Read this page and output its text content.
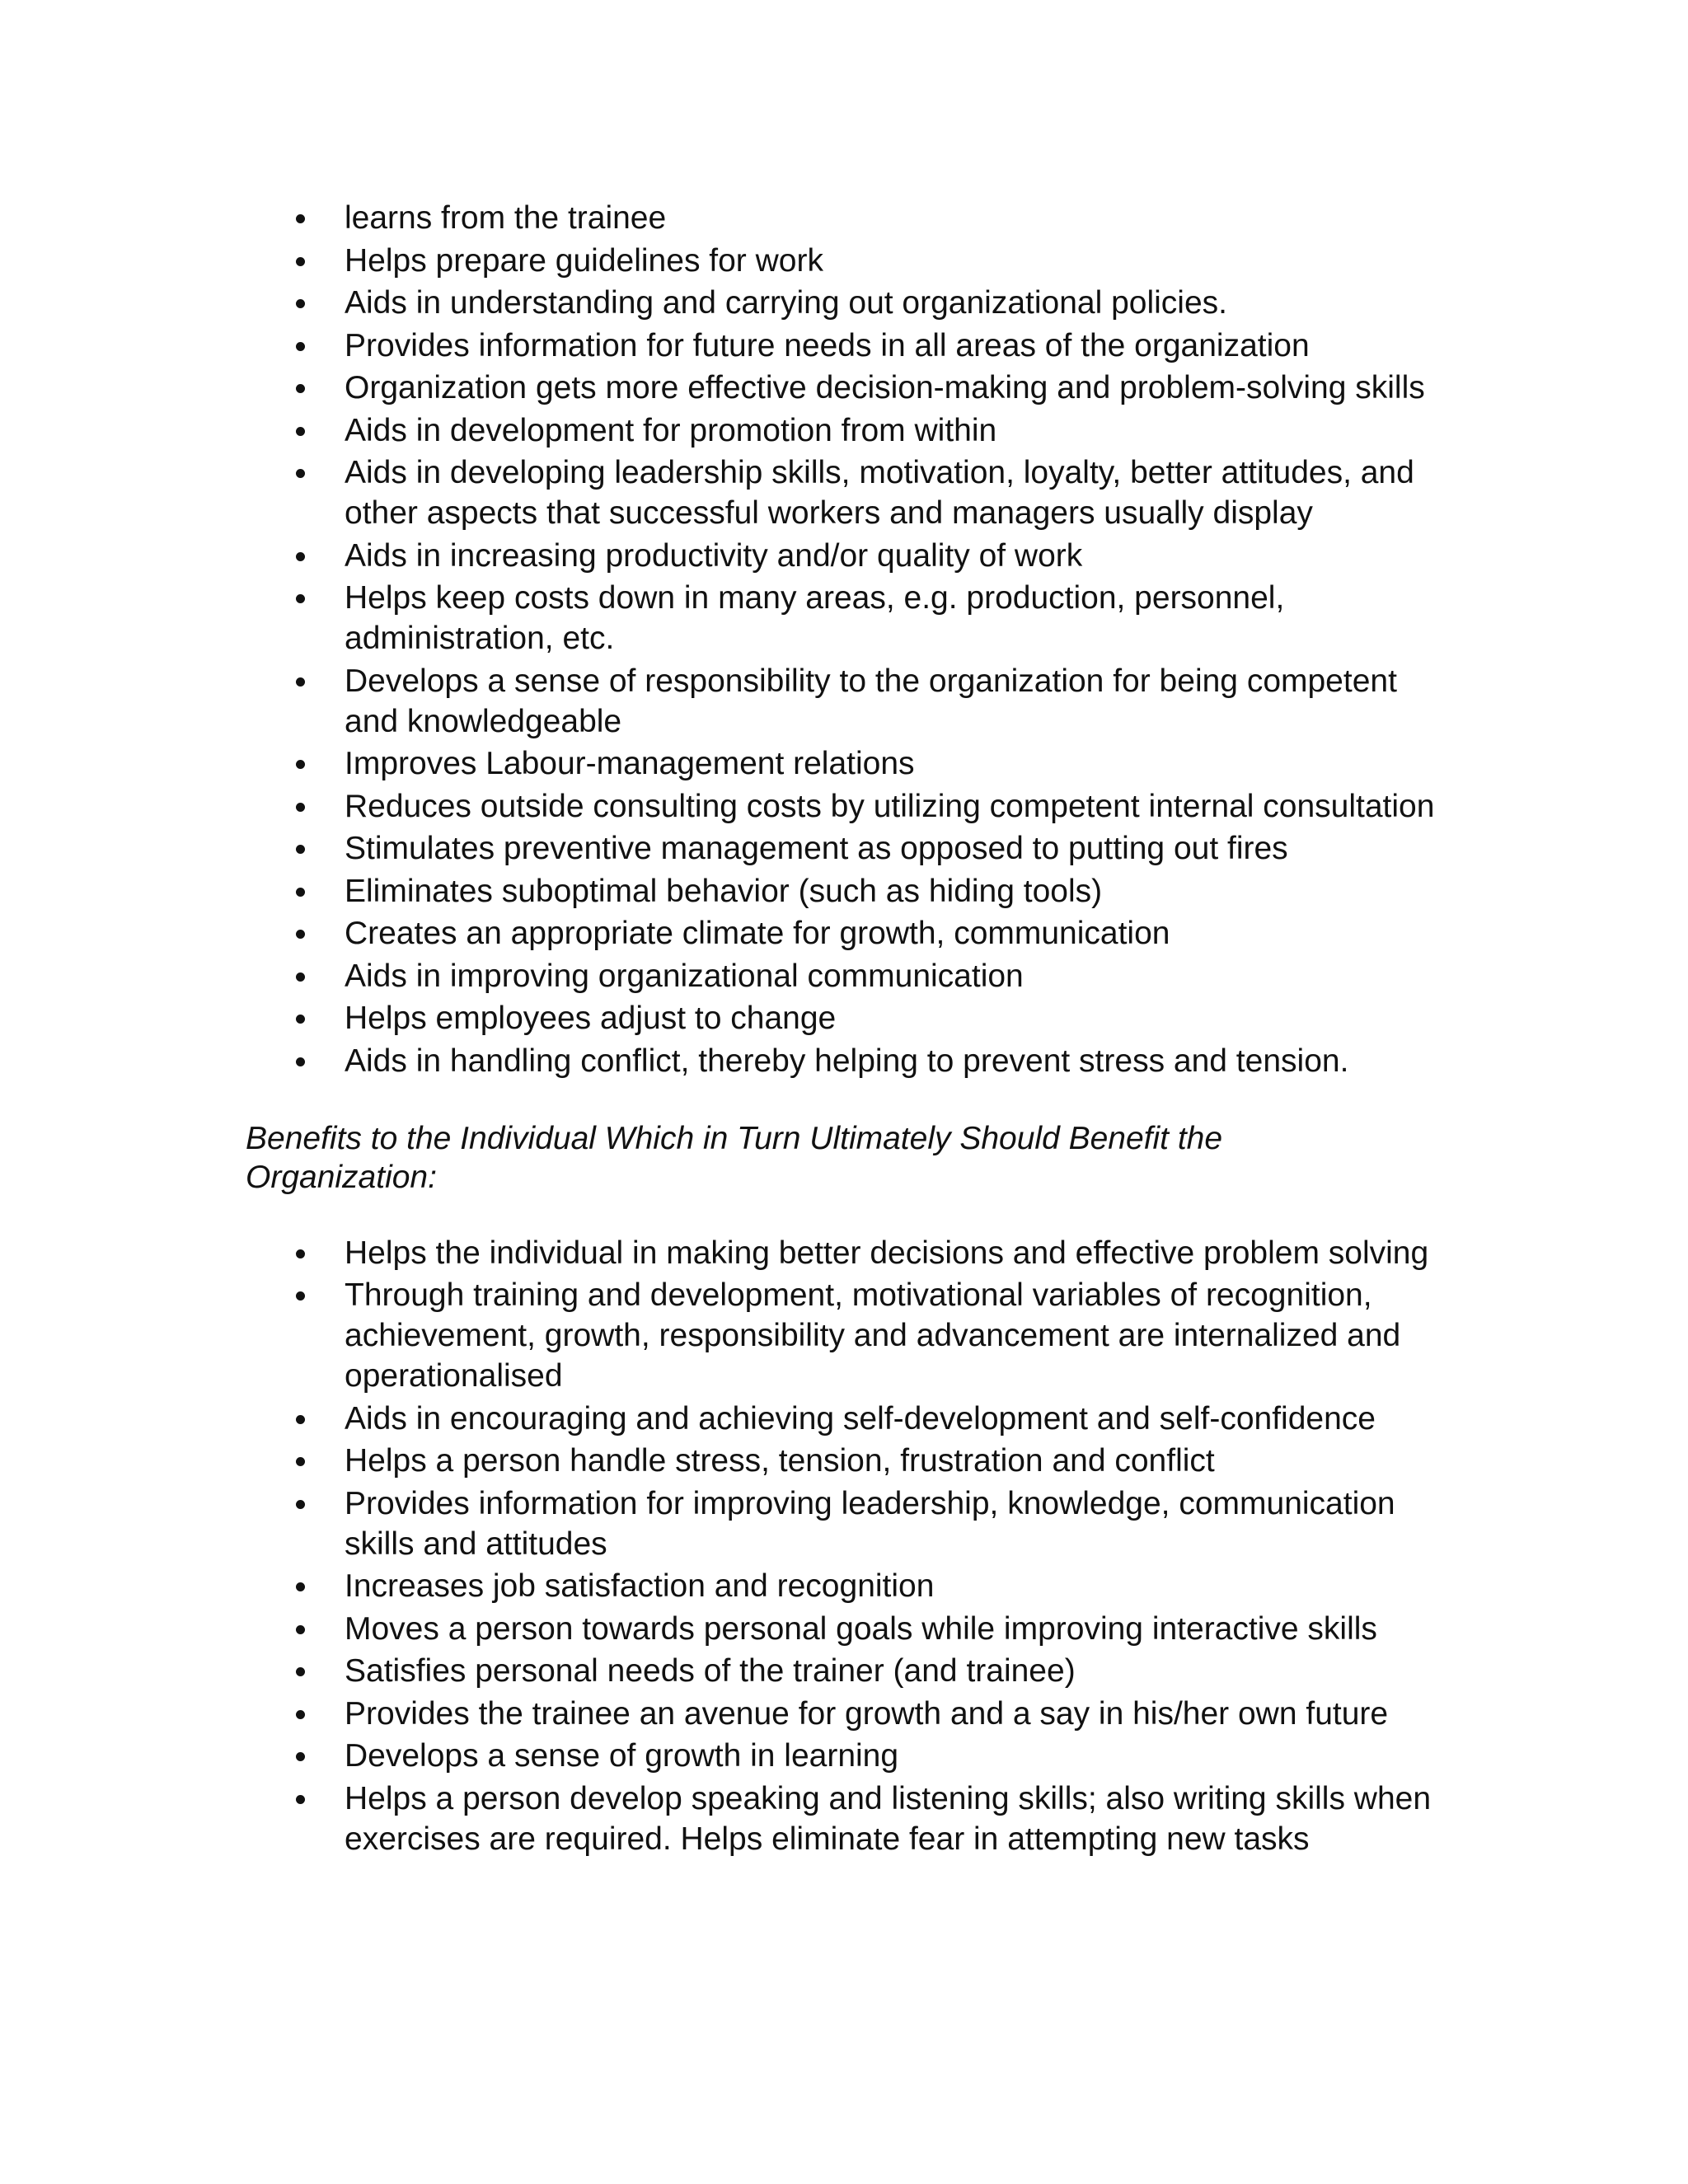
learns from the trainee
Helps prepare guidelines for work
Aids in understanding and carrying out organizational policies.
Provides information for future needs in all areas of the organization
Organization gets more effective decision-making and problem-solving skills
Aids in development for promotion from within
Aids in developing leadership skills, motivation, loyalty, better attitudes, and other aspects that successful workers and managers usually display
Aids in increasing productivity and/or quality of work
Helps keep costs down in many areas, e.g. production, personnel, administration, etc.
Develops a sense of responsibility to the organization for being competent and knowledgeable
Improves Labour-management relations
Reduces outside consulting costs by utilizing competent internal consultation
Stimulates preventive management as opposed to putting out fires
Eliminates suboptimal behavior (such as hiding tools)
Creates an appropriate climate for growth, communication
Aids in improving organizational communication
Helps employees adjust to change
Aids in handling conflict, thereby helping to prevent stress and tension.
Benefits to the Individual Which in Turn Ultimately Should Benefit the Organization:
Helps the individual in making better decisions and effective problem solving
Through training and development, motivational variables of recognition, achievement, growth, responsibility and advancement are internalized and operationalised
Aids in encouraging and achieving self-development and self-confidence
Helps a person handle stress, tension, frustration and conflict
Provides information for improving leadership, knowledge, communication skills and attitudes
Increases job satisfaction and recognition
Moves a person towards personal goals while improving interactive skills
Satisfies personal needs of the trainer (and trainee)
Provides the trainee an avenue for growth and a say in his/her own future
Develops a sense of growth in learning
Helps a person develop speaking and listening skills; also writing skills when exercises are required. Helps eliminate fear in attempting new tasks
